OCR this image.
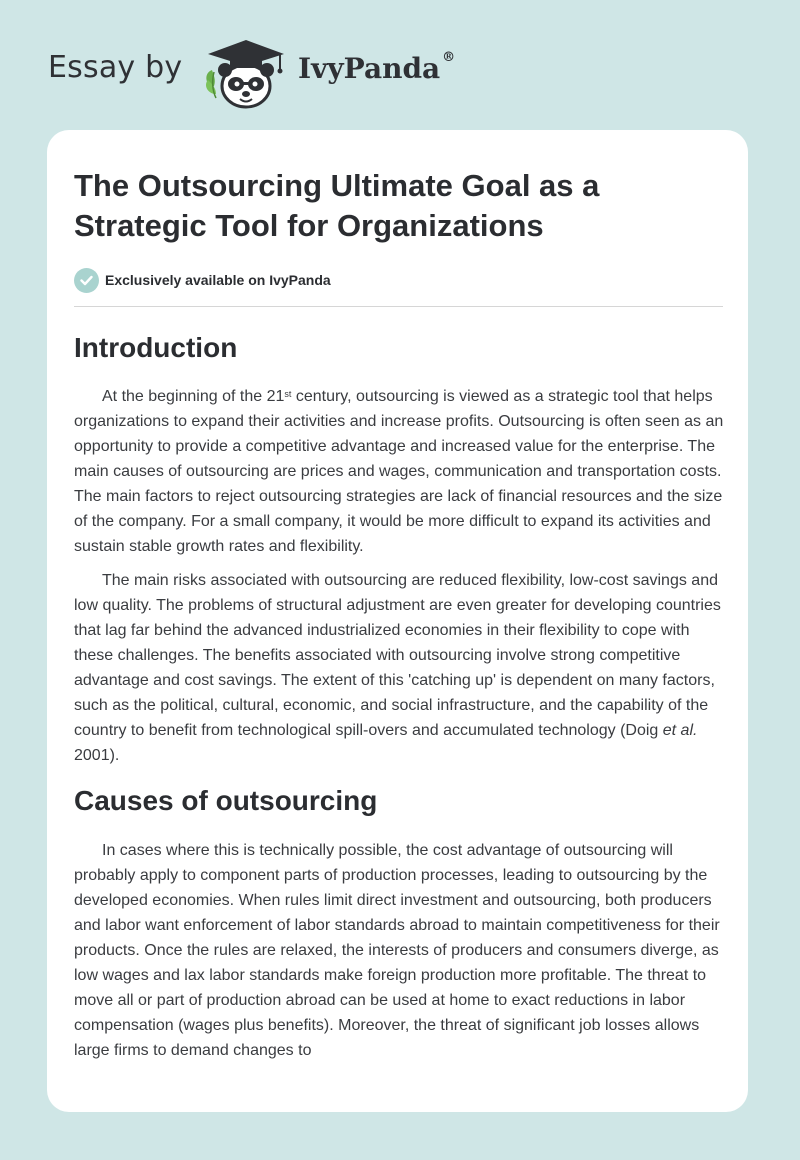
Essay by	IvyPanda ®
The Outsourcing Ultimate Goal as a Strategic Tool for Organizations
Exclusively available on IvyPanda
Introduction

At the beginning of the 21st century, outsourcing is viewed as a strategic tool that helps organizations to expand their activities and increase profits. Outsourcing is often seen as an opportunity to provide a competitive advantage and increased value for the enterprise. The main causes of outsourcing are prices and wages, communication and transportation costs. The main factors to reject outsourcing strategies are lack of financial resources and the size of the company. For a small company, it would be more difficult to expand its activities and sustain stable growth rates and flexibility.

The main risks associated with outsourcing are reduced flexibility, low-cost savings and low quality. The problems of structural adjustment are even greater for developing countries that lag far behind the advanced industrialized economies in their flexibility to cope with these challenges. The benefits associated with outsourcing involve strong competitive advantage and cost savings. The extent of this 'catching up' is dependent on many factors, such as the political, cultural, economic, and social infrastructure, and the capability of the country to benefit from technological spill-overs and accumulated technology (Doig et al. 2001).

Causes of outsourcing

In cases where this is technically possible, the cost advantage of outsourcing will probably apply to component parts of production processes, leading to outsourcing by the developed economies. When rules limit direct investment and outsourcing, both producers and labor want enforcement of labor standards abroad to maintain competitiveness for their products. Once the rules are relaxed, the interests of producers and consumers diverge, as low wages and lax labor standards make foreign production more profitable. The threat to move all or part of production abroad can be used at home to exact reductions in labor compensation (wages plus benefits). Moreover, the threat of significant job losses allows large firms to demand changes to
